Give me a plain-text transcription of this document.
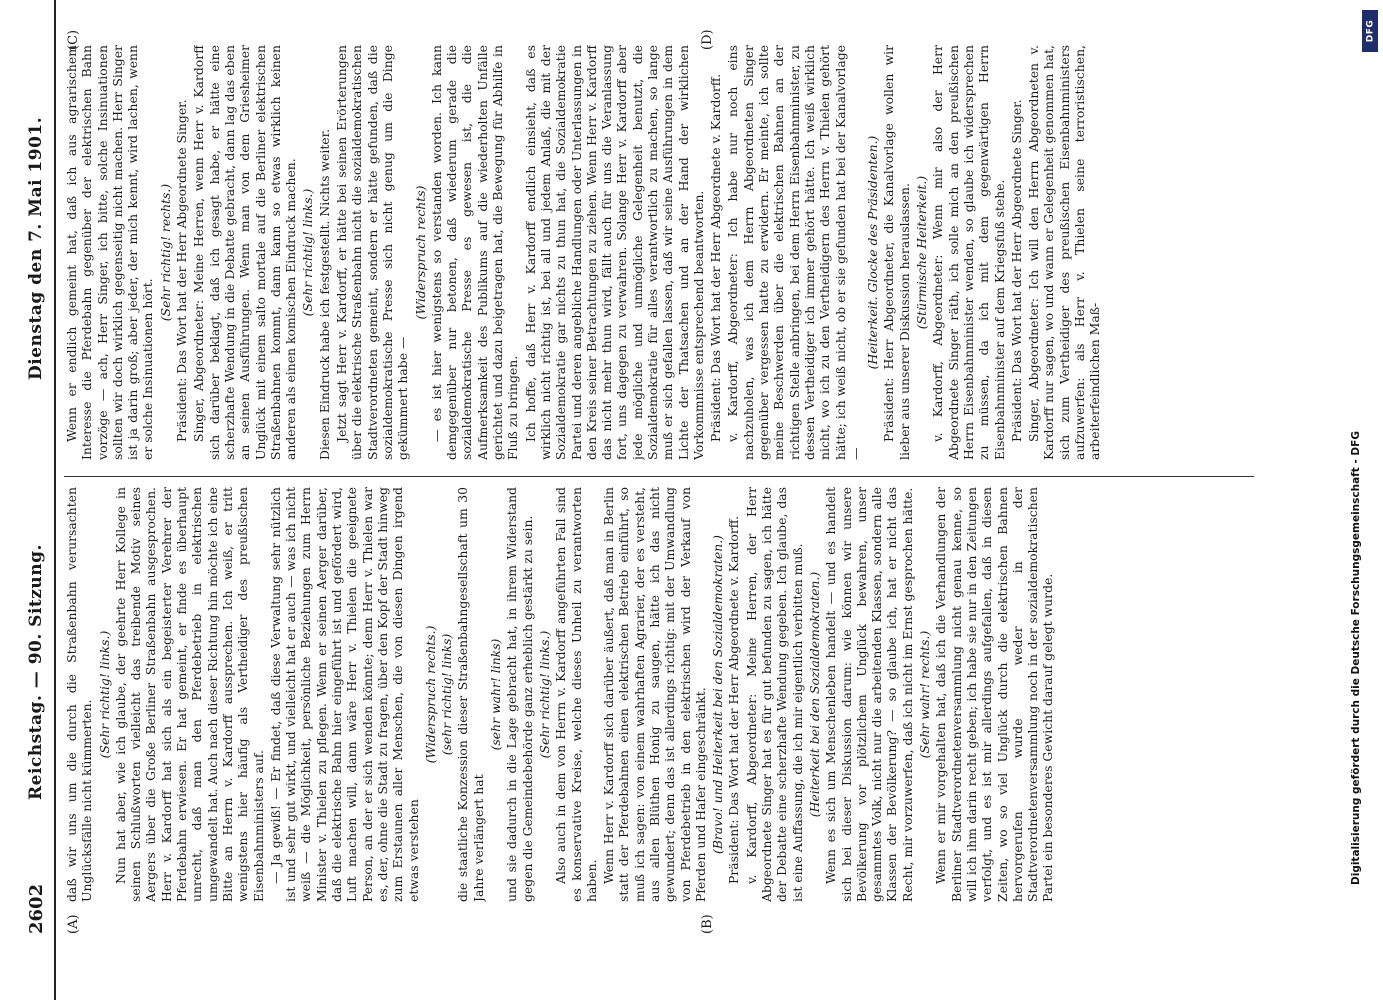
2602
Reichstag. — 90. Sitzung.
Dienstag den 7. Mai 1901.
(A)	(B)
(C)	(D)

daß wir uns um die durch die Straßenbahn verursachten Unglücksfälle nicht kümmerten.

(Sehr richtig! links.) Nun hat aber, wie ich glaube, der geehrte Herr Kollege in seinen Schlußworten vielleicht das treibende Motiv seines Aergers über die Große Berliner Straßenbahn ausgesprochen. Herr v. Kardorff hat sich als ein begeisterter Verehrer der Pferdebahn erwiesen. Er hat gemeint, er finde es überhaupt unrecht, daß man den Pferdebetrieb in elektrischen umgewandelt hat. Auch nach dieser Richtung hin möchte ich eine Bitte an Herrn v. Kardorff aussprechen. Ich weiß, er tritt wenigstens hier häufig als Vertheidiger des preußischen Eisenbahnministers auf. — Ja gewiß! — Er findet, daß diese Verwaltung sehr nützlich ist und sehr gut wirkt, und vielleicht hat er auch — was ich nicht weiß — die Möglichkeit, persönliche Beziehungen zum Herrn Minister v. Thielen zu pflegen. Wenn er seinen Aerger darüber, daß die elektrische Bahn hier eingeführt ist und gefördert wird, Luft machen will, dann wäre Herr v. Thielen die geeignete Person, an der er sich wenden könnte; denn Herr v. Thielen war es, der, ohne die Stadt zu fragen, über den Kopf der Stadt hinweg zum Erstaunen aller Menschen, die von diesen Dingen irgend etwas verstehen

(Widerspruch rechts.) (sehr richtig! links) die staatliche Konzession dieser Straßenbahngesellschaft um 30 Jahre verlängert hat

(sehr wahr! links) und sie dadurch in die Lage gebracht hat, in ihrem Widerstand gegen die Gemeindebehörde ganz erheblich gestärkt zu sein. (Sehr richtig! links.) Also auch in dem von Herrn v. Kardorff angeführten Fall sind es konservative Kreise, welche dieses Unheil zu verantworten haben. Wenn Herr v. Kardorff sich darüber äußert, daß man in Berlin statt der Pferdebahnen einen elektrischen Betrieb einführt, so muß ich sagen: von einem wahrhaften Agrarier, der es versteht, aus allen Blüthen Honig zu saugen, hätte ich das nicht gewundert; denn das ist allerdings richtig: mit der Umwandlung von Pferdebetrieb in den elektrischen wird der Verkauf von Pferden und Hafer eingeschränkt. (Bravo! und Heiterkeit bei den Sozialdemokraten.) Präsident: Das Wort hat der Herr Abgeordnete v. Kardorff. v. Kardorff, Abgeordneter: Meine Herren, der Herr Abgeordnete Singer hat es für gut befunden zu sagen, ich hätte der Debatte eine scherzhafte Wendung gegeben. Ich glaube, das ist eine Auffassung, die ich mir eigentlich verbitten muß. (Heiterkeit bei den Sozialdemokraten.) Wenn es sich um Menschenleben handelt — und es handelt sich bei dieser Diskussion darum: wie können wir unsere Bevölkerung vor plötzlichem Unglück bewahren, unser gesammtes Volk, nicht nur die arbeitenden Klassen, sondern alle Klassen der Bevölkerung? — so glaube ich, hat er nicht das Recht, mir vorzuwerfen, daß ich nicht im Ernst gesprochen hätte. (Sehr wahr! rechts.) Wenn er mir vorgehalten hat, daß ich die Verhandlungen der Berliner Stadtverordnetenversammlung nicht genau kenne, so will ich ihm darin recht geben; ich habe sie nur in den Zeitungen verfolgt, und es ist mir allerdings aufgefallen, daß in diesen Zeiten, wo so viel Unglück durch die elektrischen Bahnen hervorgerufen wurde weder in der Stadtverordnetenversammlung noch in der sozialdemokratischen Partei ein besonderes Gewicht darauf gelegt wurde.

Wenn er endlich gemeint hat, daß ich aus agrarischem Interesse die Pferdebahn gegenüber der elektrischen Bahn vorzöge — ach, Herr Singer, ich bitte, solche Insinuationen sollten wir doch wirklich gegenseitig nicht machen. Herr Singer ist ja darin groß; aber jeder, der mich kennt, wird lachen, wenn er solche Insinuationen hört.

(Sehr richtig! rechts.) Präsident: Das Wort hat der Herr Abgeordnete Singer. Singer, Abgeordneter: Meine Herren, wenn Herr v. Kardorff sich darüber beklagt, daß ich gesagt habe, er hätte eine scherzhafte Wendung in die Debatte gebracht, dann lag das eben an seinen Ausführungen. Wenn man von dem Griesheimer Unglück mit einem salto mortale auf die Berliner elektrischen Straßenbahnen kommt, dann kann so etwas wirklich keinen anderen als einen komischen Eindruck machen. (Sehr richtig! links.) Diesen Eindruck habe ich festgestellt. Nichts weiter. Jetzt sagt Herr v. Kardorff, er hätte bei seinen Erörterungen über die elektrische Straßenbahn nicht die sozialdemokratischen Stadtverordneten gemeint, sondern er hätte gefunden, daß die sozialdemokratische Presse sich nicht genug um die Dinge gekümmert habe —

(Widerspruch rechts) — es ist hier wenigstens so verstanden worden. Ich kann demgegenüber nur betonen, daß wiederum gerade die sozialdemokratische Presse es gewesen ist, die die Aufmerksamkeit des Publikums auf die wiederholten Unfälle gerichtet und dazu beigetragen hat, die Bewegung für Abhilfe in Fluß zu bringen. Ich hoffe, daß Herr v. Kardorff endlich einsieht, daß es wirklich nicht richtig ist, bei all und jedem Anlaß, die mit der Sozialdemokratie gar nichts zu thun hat, die Sozialdemokratie Partei und deren angebliche Handlungen oder Unterlassungen in den Kreis seiner Betrachtungen zu ziehen. Wenn Herr v. Kardorff das nicht mehr thun wird, fällt auch für uns die Veranlassung fort, uns dagegen zu verwahren. Solange Herr v. Kardorff aber jede mögliche und unmögliche Gelegenheit benutzt, die Sozialdemokratie für alles verantwortlich zu machen, so lange muß er sich gefallen lassen, daß wir seine Ausführungen in dem Lichte der Thatsachen und an der Hand der wirklichen Vorkommnisse entsprechend beantworten. Präsident: Das Wort hat der Herr Abgeordnete v. Kardorff. v. Kardorff, Abgeordneter: Ich habe nur noch eins nachzuholen, was ich dem Herrn Abgeordneten Singer gegenüber vergessen hatte zu erwidern. Er meinte, ich sollte meine Beschwerden über die elektrischen Bahnen an der richtigen Stelle anbringen, bei dem Herrn Eisenbahnminister, zu dessen Vertheidiger ich immer gehört hätte. Ich weiß wirklich nicht, wo ich zu den Vertheidigern des Herrn v. Thielen gehört hätte; ich weiß nicht, ob er sie gefunden hat bei der Kanalvorlage —

(Heiterkeit. Glocke des Präsidenten.) Präsident: Herr Abgeordneter, die Kanalvorlage wollen wir lieber aus unserer Diskussion herauslassen. (Stürmische Heiterkeit.) v. Kardorff, Abgeordneter: Wenn mir also der Herr Abgeordnete Singer räth, ich solle mich an den preußischen Herrn Eisenbahnminister wenden, so glaube ich widersprechen zu müssen, da ich mit dem gegenwärtigen Herrn Eisenbahnminister auf dem Kriegsfuß stehe. Präsident: Das Wort hat der Herr Abgeordnete Singer. Singer, Abgeordneter: Ich will den Herrn Abgeordneten v. Kardorff nur sagen, wo und wann er Gelegenheit genommen hat, sich zum Vertheidiger des preußischen Eisenbahnministers aufzuwerfen: als Herr v. Thielen seine terroristischen, arbeiterfeindlichen Maß-

Digitalisierung gefördert durch die Deutsche Forschungsgemeinschaft - DFG
DFG
